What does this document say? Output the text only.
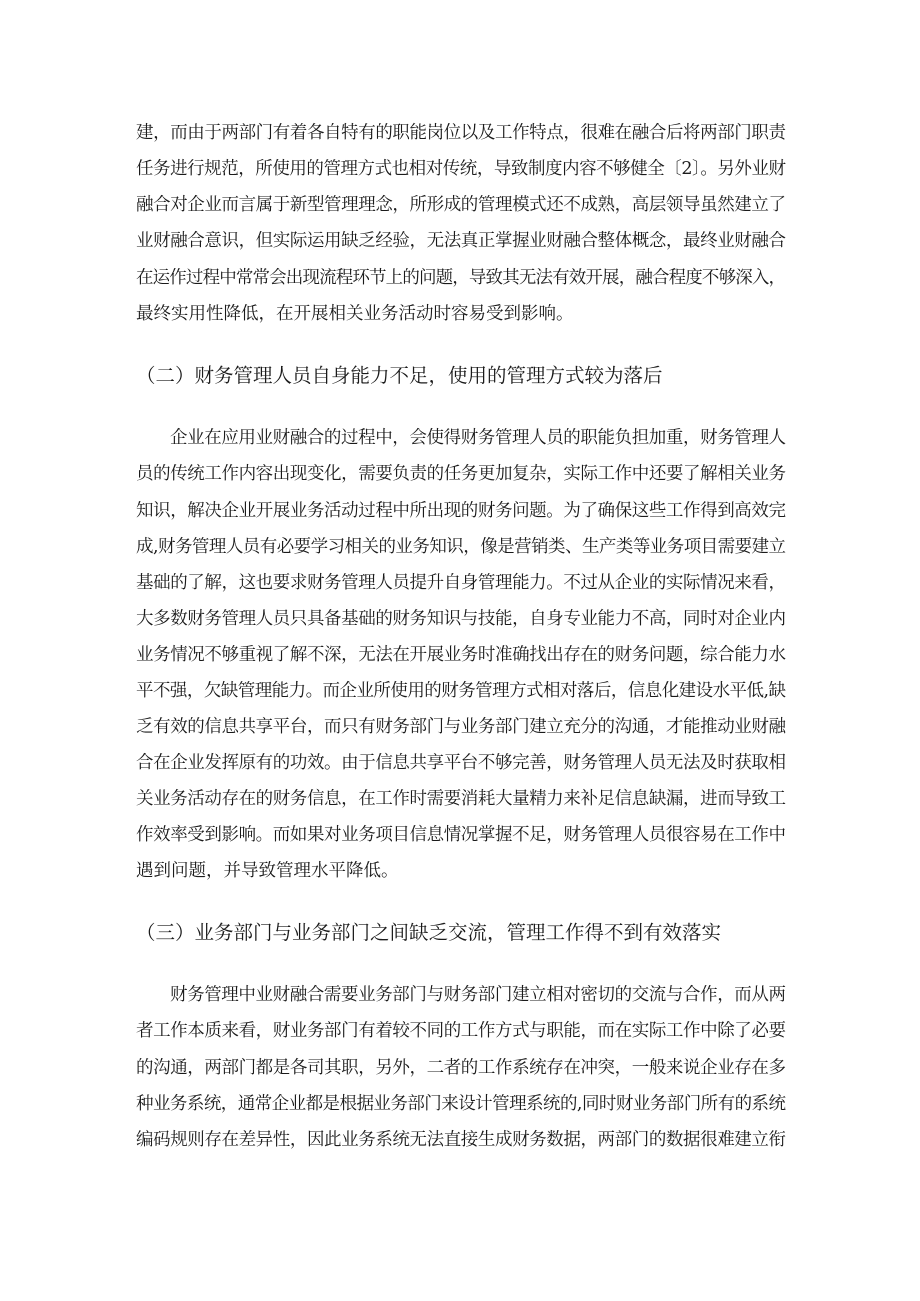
建，而由于两部门有着各自特有的职能岗位以及工作特点，很难在融合后将两部门职责
任务进行规范，所使用的管理方式也相对传统，导致制度内容不够健全〔2〕。另外业财
融合对企业而言属于新型管理理念，所形成的管理模式还不成熟，高层领导虽然建立了
业财融合意识，但实际运用缺乏经验，无法真正掌握业财融合整体概念，最终业财融合
在运作过程中常常会出现流程环节上的问题，导致其无法有效开展，融合程度不够深入，
最终实用性降低，在开展相关业务活动时容易受到影响。
（二）财务管理人员自身能力不足，使用的管理方式较为落后
企业在应用业财融合的过程中，会使得财务管理人员的职能负担加重，财务管理人
员的传统工作内容出现变化，需要负责的任务更加复杂，实际工作中还要了解相关业务
知识，解决企业开展业务活动过程中所出现的财务问题。为了确保这些工作得到高效完
成,财务管理人员有必要学习相关的业务知识，像是营销类、生产类等业务项目需要建立
基础的了解，这也要求财务管理人员提升自身管理能力。不过从企业的实际情况来看，
大多数财务管理人员只具备基础的财务知识与技能，自身专业能力不高，同时对企业内
业务情况不够重视了解不深，无法在开展业务时准确找出存在的财务问题，综合能力水
平不强，欠缺管理能力。而企业所使用的财务管理方式相对落后，信息化建设水平低,缺
乏有效的信息共享平台，而只有财务部门与业务部门建立充分的沟通，才能推动业财融
合在企业发挥原有的功效。由于信息共享平台不够完善，财务管理人员无法及时获取相
关业务活动存在的财务信息，在工作时需要消耗大量精力来补足信息缺漏，进而导致工
作效率受到影响。而如果对业务项目信息情况掌握不足，财务管理人员很容易在工作中
遇到问题，并导致管理水平降低。
（三）业务部门与业务部门之间缺乏交流，管理工作得不到有效落实
财务管理中业财融合需要业务部门与财务部门建立相对密切的交流与合作，而从两
者工作本质来看，财业务部门有着较不同的工作方式与职能，而在实际工作中除了必要
的沟通，两部门都是各司其职，另外，二者的工作系统存在冲突，一般来说企业存在多
种业务系统，通常企业都是根据业务部门来设计管理系统的,同时财业务部门所有的系统
编码规则存在差异性，因此业务系统无法直接生成财务数据，两部门的数据很难建立衔
